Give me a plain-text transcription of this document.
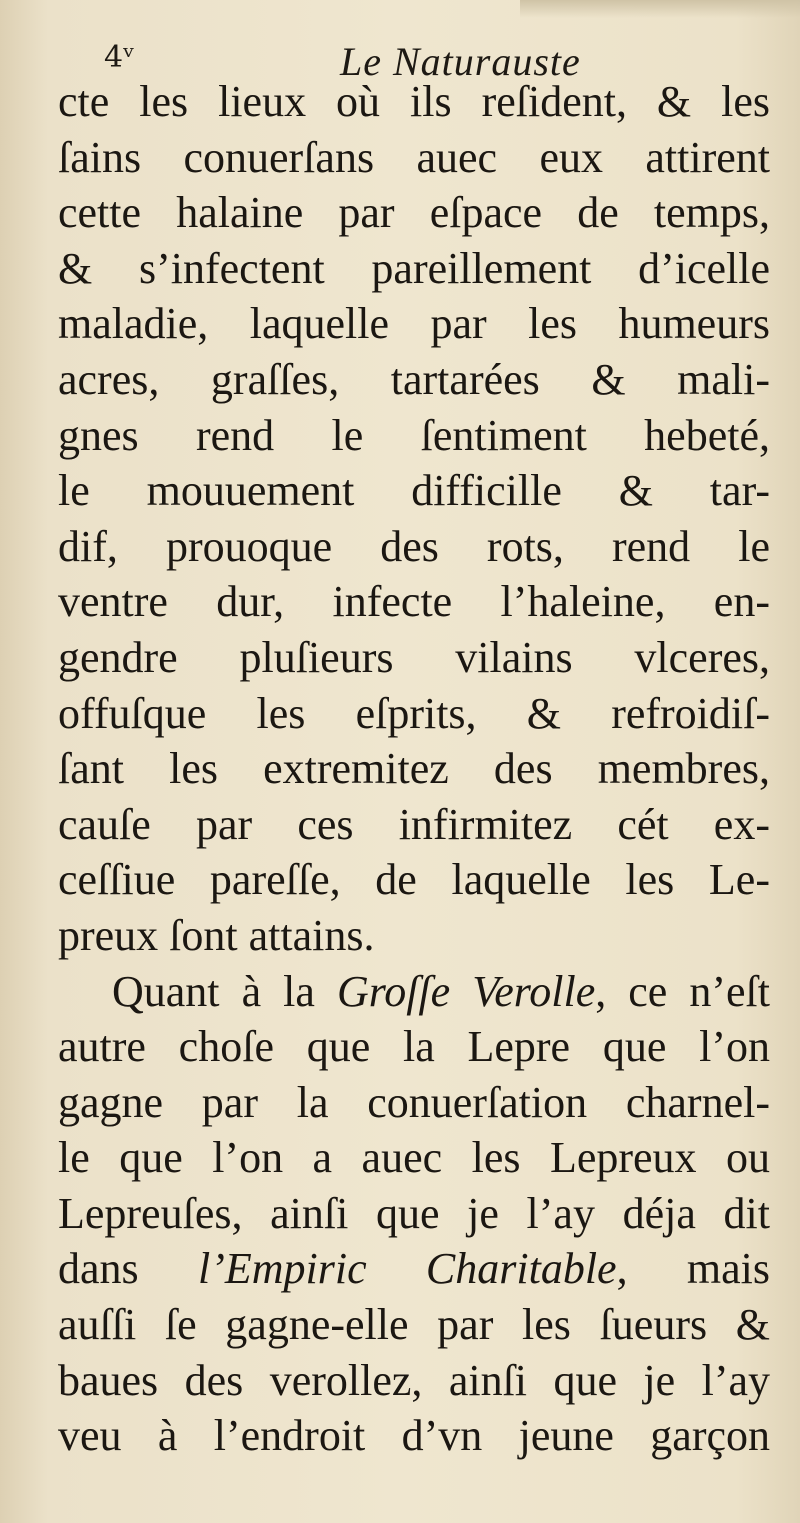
4ᵛ	Le Naturauste
cte les lieux où ils reſident, & les
ſains conuerſans auec eux attirent
cette halaine par eſpace de temps,
& s’infectent pareillement d’icelle
maladie, laquelle par les humeurs
acres, graſſes, tartarées & mali-
gnes rend le ſentiment hebeté,
le mouuement difficille & tar-
dif, prouoque des rots, rend le
ventre dur, infecte l’haleine, en-
gendre pluſieurs vilains vlceres,
offuſque les eſprits, & refroidiſ-
ſant les extremitez des membres,
cauſe par ces infirmitez cét ex-
ceſſiue pareſſe, de laquelle les Le-
preux ſont attains.
Quant à la Groſſe Verolle, ce n’eſt
autre choſe que la Lepre que l’on
gagne par la conuerſation charnel-
le que l’on a auec les Lepreux ou
Lepreuſes, ainſi que je l’ay déja dit
dans l’Empiric Charitable, mais
auſſi ſe gagne-elle par les ſueurs &
baues des verollez, ainſi que je l’ay
veu à l’endroit d’vn jeune garçon
